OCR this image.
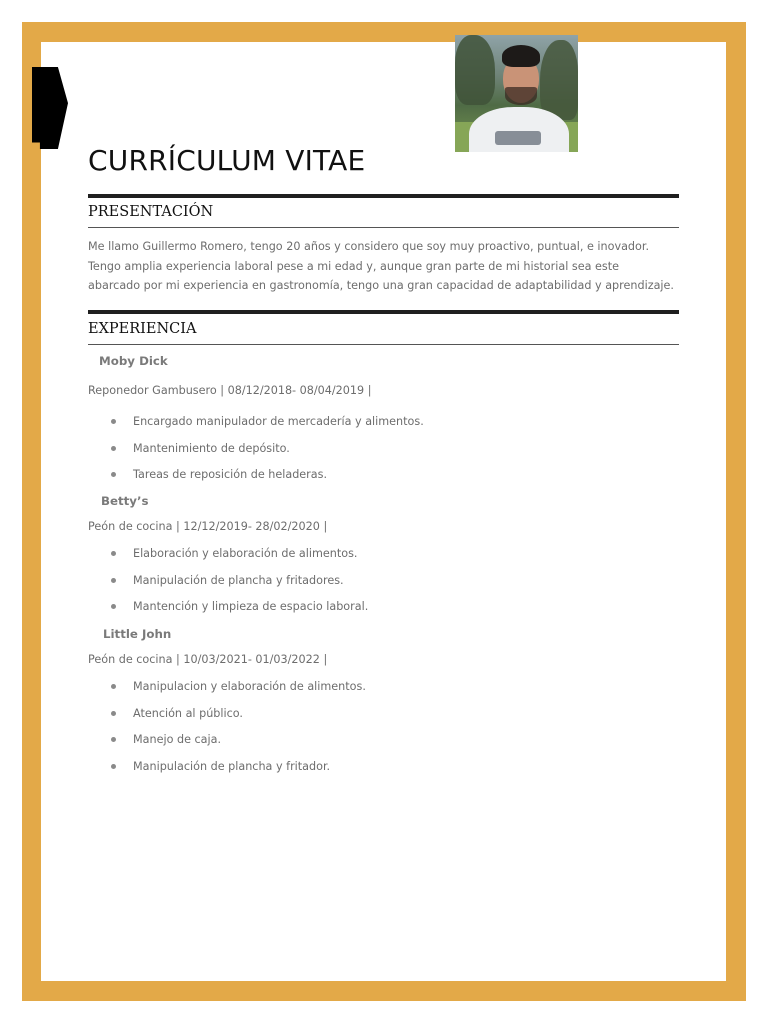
CURRÍCULUM VITAE
PRESENTACIÓN
Me llamo Guillermo Romero, tengo 20 años y considero que soy muy proactivo, puntual, e inovador.
Tengo amplia experiencia laboral pese a mi edad y, aunque gran parte de mi historial sea este
abarcado por mi experiencia en gastronomía, tengo una gran capacidad de adaptabilidad y aprendizaje.
EXPERIENCIA
Moby Dick
Reponedor Gambusero | 08/12/2018- 08/04/2019 |
Encargado manipulador de mercadería y alimentos.
Mantenimiento de depósito.
Tareas de reposición de heladeras.
Betty’s
Peón de cocina | 12/12/2019- 28/02/2020 |
Elaboración y elaboración de alimentos.
Manipulación de plancha y fritadores.
Mantención y limpieza de espacio laboral.
Little John
Peón de cocina | 10/03/2021- 01/03/2022 |
Manipulacion y elaboración de alimentos.
Atención al público.
Manejo de caja.
Manipulación de plancha y fritador.
